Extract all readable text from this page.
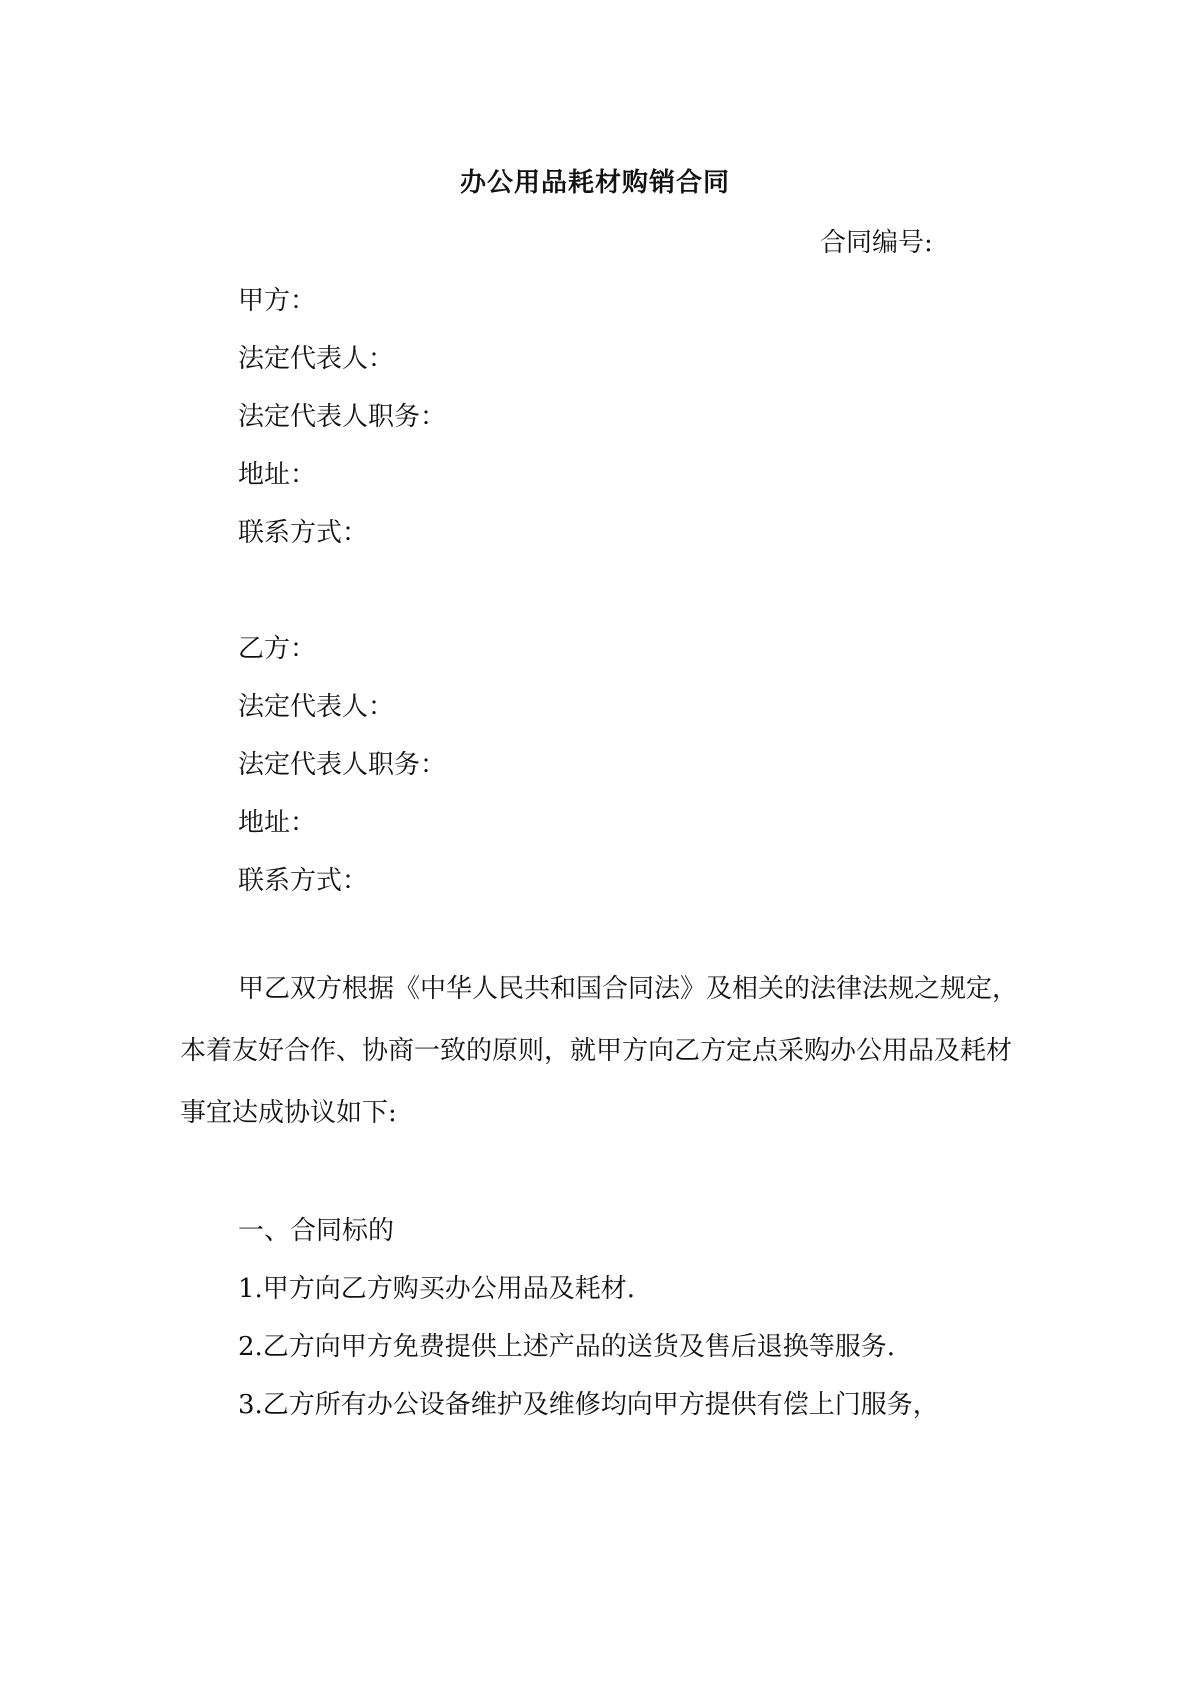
办公用品耗材购销合同
合同编号:
甲方：
法定代表人：
法定代表人职务：
地址：
联系方式：
乙方：
法定代表人：
法定代表人职务：
地址：
联系方式：
甲乙双方根据《中华人民共和国合同法》及相关的法律法规之规定，本着友好合作、协商一致的原则，就甲方向乙方定点采购办公用品及耗材事宜达成协议如下:
一、合同标的
1.甲方向乙方购买办公用品及耗材.
2.乙方向甲方免费提供上述产品的送货及售后退换等服务.
3.乙方所有办公设备维护及维修均向甲方提供有偿上门服务，
